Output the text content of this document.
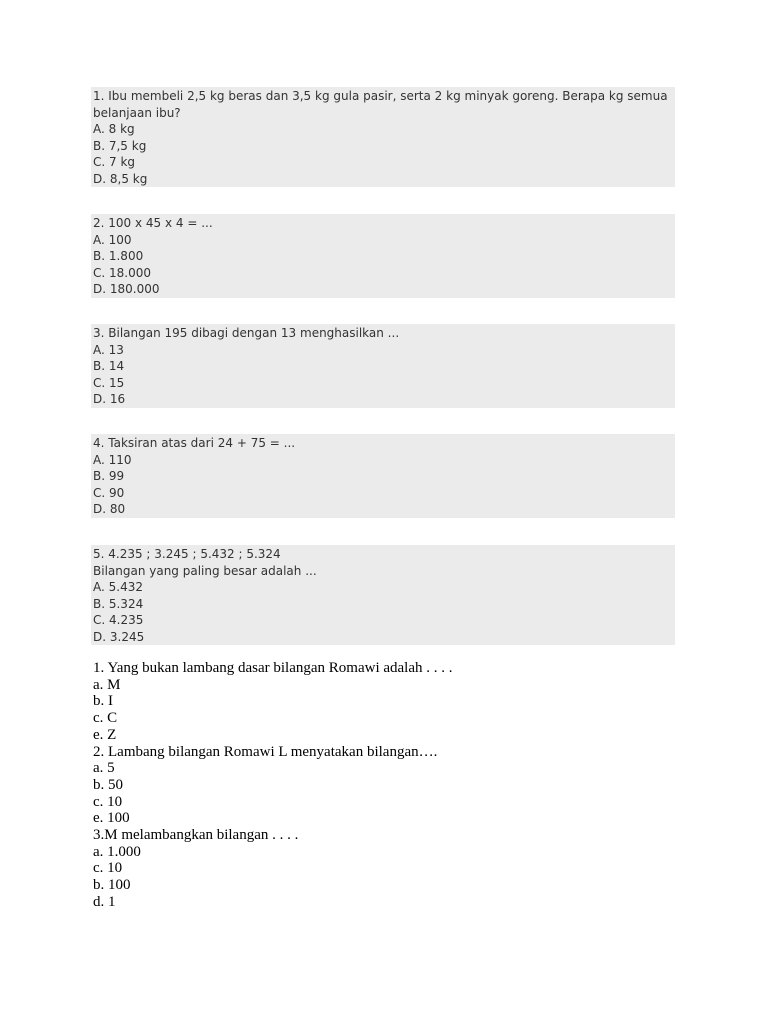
1. Ibu membeli 2,5 kg beras dan 3,5 kg gula pasir, serta 2 kg minyak goreng. Berapa kg semua belanjaan ibu?
A. 8 kg
B. 7,5 kg
C. 7 kg
D. 8,5 kg
2. 100 x 45 x 4 = ...
A. 100
B. 1.800
C. 18.000
D. 180.000
3. Bilangan 195 dibagi dengan 13 menghasilkan ...
A. 13
B. 14
C. 15
D. 16
4. Taksiran atas dari 24 + 75 = ...
A. 110
B. 99
C. 90
D. 80
5. 4.235 ; 3.245 ; 5.432 ; 5.324
Bilangan yang paling besar adalah ...
A. 5.432
B. 5.324
C. 4.235
D. 3.245
1. Yang bukan lambang dasar bilangan Romawi adalah . . . .
a. M
b. I
c. C
e. Z
2. Lambang bilangan Romawi L menyatakan bilangan….
a. 5
b. 50
c. 10
e. 100
3.M melambangkan bilangan . . . .
a. 1.000
c. 10
b. 100
d. 1
